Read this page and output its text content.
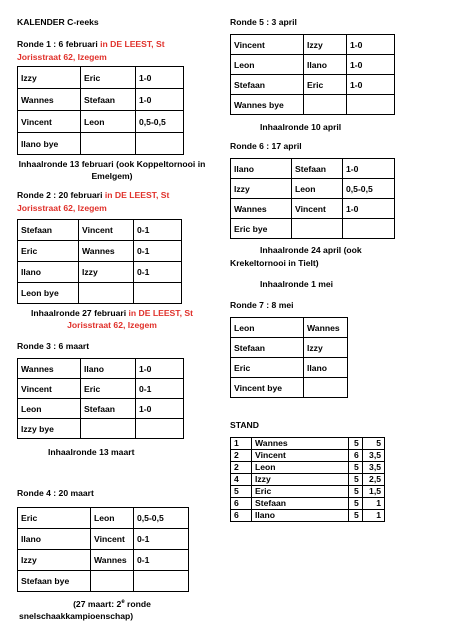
KALENDER C-reeks
Ronde 1 : 6 februari in DE LEEST, St Jorisstraat 62, Izegem
Izzy	Eric	1-0
Wannes	Stefaan	1-0
Vincent	Leon	0,5-0,5
Ilano bye		
Inhaalronde 13 februari (ook Koppeltornooi in Emelgem)
Ronde 2 : 20 februari in DE LEEST, St Jorisstraat 62, Izegem
Stefaan	Vincent	0-1
Eric	Wannes	0-1
Ilano	Izzy	0-1
Leon bye		
Inhaalronde 27 februari in DE LEEST, St Jorisstraat 62, Izegem
Ronde 3 : 6 maart
Wannes	Ilano	1-0
Vincent	Eric	0-1
Leon	Stefaan	1-0
Izzy bye		
Inhaalronde 13 maart
Ronde 4 : 20 maart
Eric	Leon	0,5-0,5
Ilano	Vincent	0-1
Izzy	Wannes	0-1
Stefaan bye		
(27 maart: 2e ronde
snelschaakkampioenschap)
Ronde 5 : 3 april
Vincent	Izzy	1-0
Leon	Ilano	1-0
Stefaan	Eric	1-0
Wannes bye		
Inhaalronde 10 april
Ronde 6 : 17 april
Ilano	Stefaan	1-0
Izzy	Leon	0,5-0,5
Wannes	Vincent	1-0
Eric bye		
Inhaalronde 24 april (ook
Krekeltornooi in Tielt)
Inhaalronde 1 mei
Ronde 7 : 8 mei
Leon	Wannes
Stefaan	Izzy
Eric	Ilano
Vincent bye	
STAND
1	Wannes	5	5
2	Vincent	6	3,5
2	Leon	5	3,5
4	Izzy	5	2,5
5	Eric	5	1,5
6	Stefaan	5	1
6	Ilano	5	1
